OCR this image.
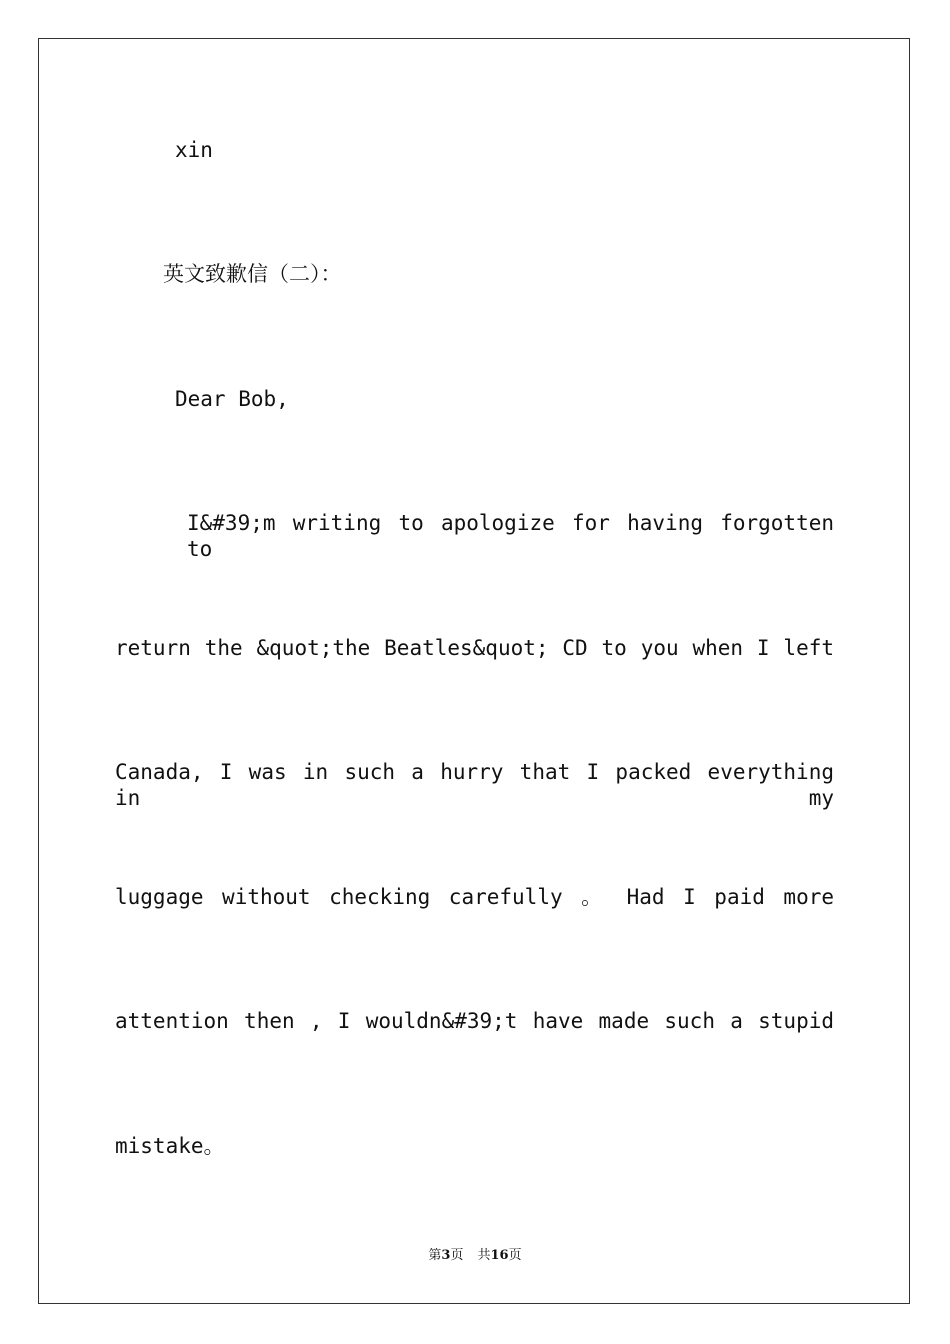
xin

英文致歉信（二）：

Dear Bob,

I&#39;m writing to apologize for having forgotten to

return the &quot;the Beatles&quot; CD to you when I left

Canada, I was in such a hurry that I packed everything in my

luggage without checking carefully 。 Had I paid more

attention then , I wouldn&#39;t have made such a stupid

mistake。

第3页 共16页
